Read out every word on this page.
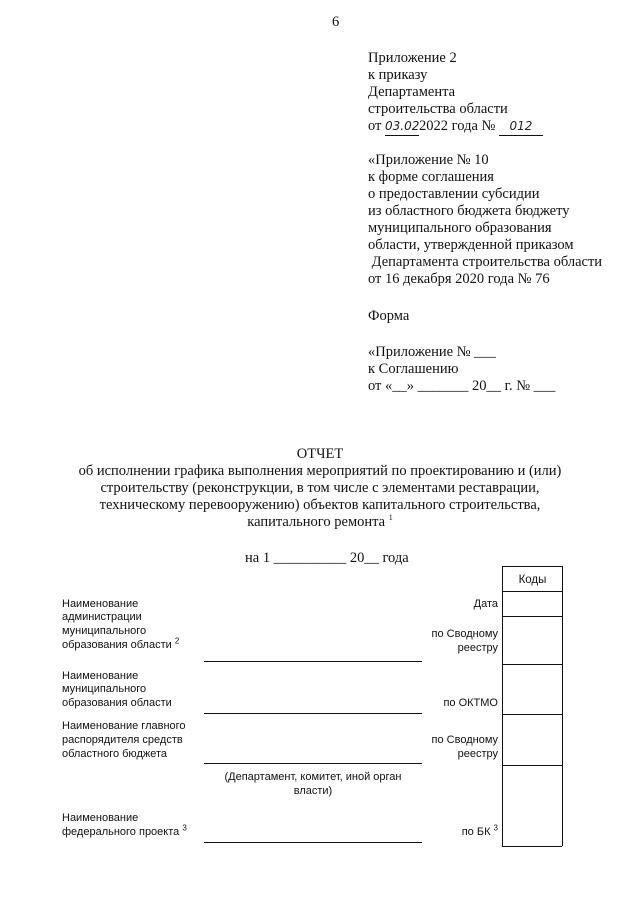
6
Приложение 2
к приказу
Департамента
строительства области
от 03.022022 года № 012
«Приложение № 10
к форме соглашения
о предоставлении субсидии
из областного бюджета бюджету
муниципального образования
области, утвержденной приказом
Департамента строительства области
от 16 декабря 2020 года № 76
Форма
«Приложение № ___
к Соглашению
от «__» _______ 20__ г. № ___
ОТЧЕТ
об исполнении графика выполнения мероприятий по проектированию и (или)
строительству (реконструкции, в том числе с элементами реставрации,
техническому перевооружению) объектов капитального строительства,
капитального ремонта $^1$
на 1 __________ 20__ года
Коды
Наименование
администрации
муниципального
образования области $^2$
Дата
по Сводному
реестру
Наименование
муниципального
образования области	по ОКТМО
Наименование главного
распорядителя средств
областного бюджета
по Сводному
реестру
(Департамент, комитет, иной орган
власти)
Наименование
федерального проекта $^3$	по БК $^3$
